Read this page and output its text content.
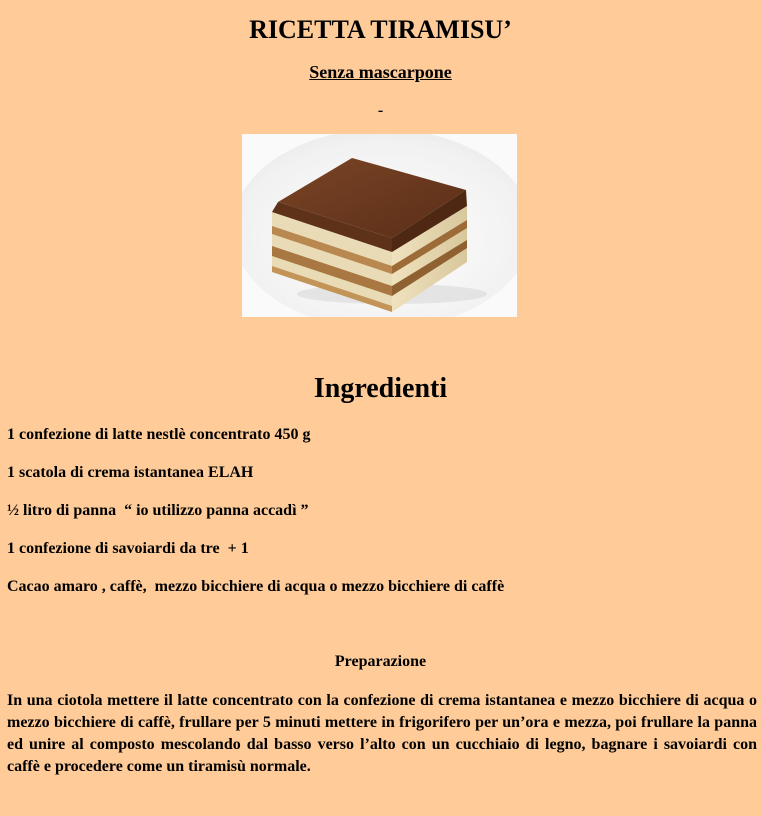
RICETTA TIRAMISU’
Senza mascarpone
-
Ingredienti
1 confezione di latte nestlè concentrato 450 g
1 scatola di crema istantanea ELAH
½ litro di panna  “ io utilizzo panna accadì ”
1 confezione di savoiardi da tre  + 1
Cacao amaro , caffè,  mezzo bicchiere di acqua o mezzo bicchiere di caffè
Preparazione

In una ciotola mettere il latte concentrato con la confezione di crema istantanea e mezzo bicchiere di acqua o mezzo bicchiere di caffè, frullare per 5 minuti mettere in frigorifero per un’ora e mezza, poi frullare la panna ed unire al composto mescolando dal basso verso l’alto con un cucchiaio di legno, bagnare i savoiardi con caffè e procedere come un tiramisù normale.
